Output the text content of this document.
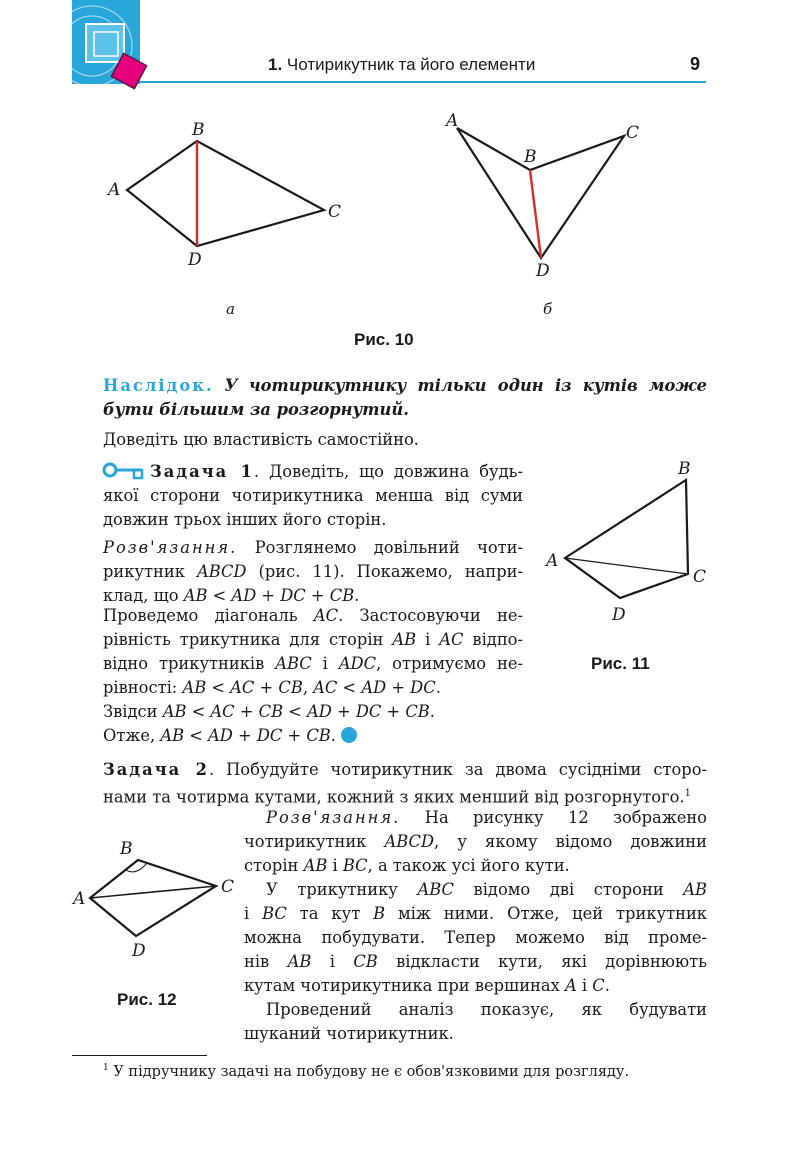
1. Чотирикутник та його елементи	9
A
B
C
D
а
A
B
C
D
б
Рис. 10
Наслідок. У чотирикутнику тільки один із кутів може
бути більшим за розгорнутий.
Доведіть цю властивість самостійно.
Задача 1. Доведіть, що довжина будь-
якої сторони чотирикутника менша від суми
довжин трьох інших його сторін.
Розв'язання. Розглянемо довільний чоти-
рикутник ABCD (рис. 11). Покажемо, напри-
клад, що AB < AD + DC + CB.
Проведемо діагональ AC. Застосовуючи не-
рівність трикутника для сторін AB і AC відпо-
відно трикутників ABC і ADC, отримуємо не-
рівності: AB < AC + CB, AC < AD + DC.
Звідси AB < AC + CB < AD + DC + CB.
Отже, AB < AD + DC + CB.
A
B
C
D
Рис. 11
Задача 2. Побудуйте чотирикутник за двома сусідніми сторо-
нами та чотирма кутами, кожний з яких менший від розгорнутого.$^1$
Розв'язання. На рисунку 12 зображено
чотирикутник ABCD, у якому відомо довжини
сторін AB і BC, а також усі його кути.
У трикутнику ABC відомо дві сторони AB
і BC та кут B між ними. Отже, цей трикутник
можна побудувати. Тепер можемо від проме-
нів AB і CB відкласти кути, які дорівнюють
кутам чотирикутника при вершинах A і C.
Проведений аналіз показує, як будувати
шуканий чотирикутник.
A
B
C
D
Рис. 12
$^1$ У підручнику задачі на побудову не є обов'язковими для розгляду.
